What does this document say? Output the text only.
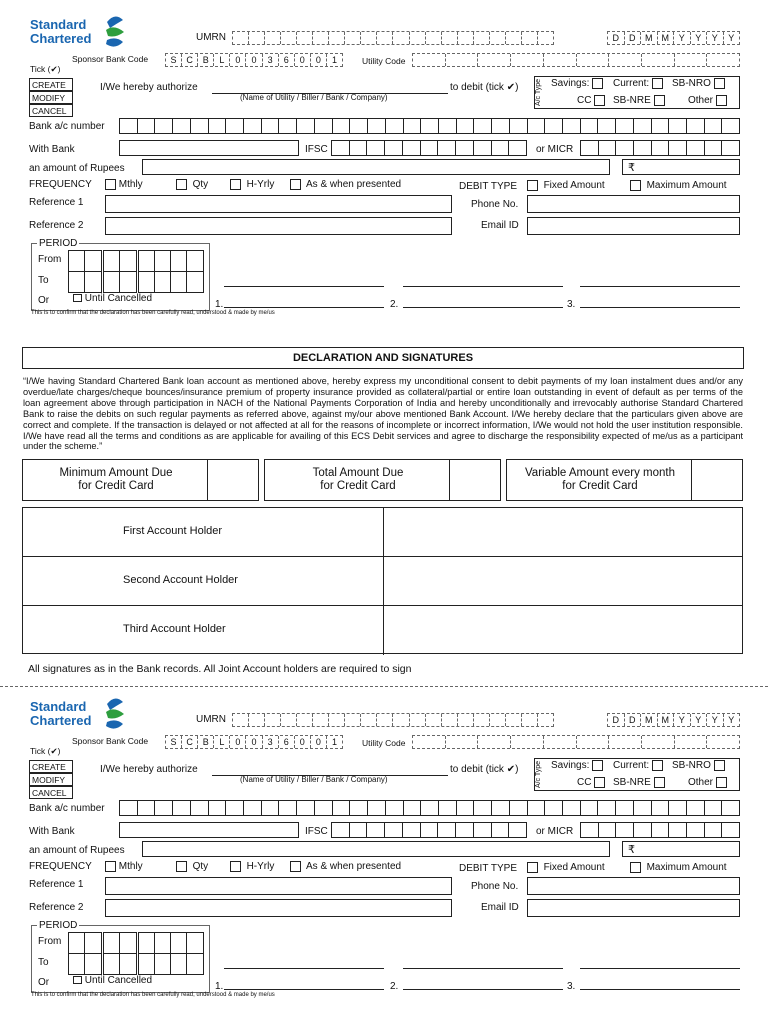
Standard
Chartered	UMRN	D	D	M	M	Y	Y	Y	Y
Sponsor Bank Code	S	C	B	L	0	0	3	6	0	0	1	Utility Code
Tick (✔)
CREATE
MODIFY
CANCEL
I/We hereby authorize
(Name of Utility / Biller / Bank / Company)
to debit (tick ✔) A/c Type Savings:	Current:	SB-NRO
CC	SB-NRE	Other
Bank a/c number
With Bank	IFSC	or MICR
an amount of Rupees	₹
FREQUENCY	Mthly	Qty	H-Yrly	As & when presented	DEBIT TYPE	Fixed Amount	Maximum Amount
Reference 1	Phone No.
Reference 2	Email ID
PERIOD
From
To
Or	Until Cancelled
1.	2.	3.
This is to confirm that the declaration has been carefully read, understood & made by me/us
DECLARATION AND SIGNATURES
“I/We having Standard Chartered Bank loan account as mentioned above, hereby express my unconditional consent to debit payments of my loan instalment dues and/or any overdue/late charges/cheque bounces/insurance premium of property insurance provided as collateral/partial or entire loan outstanding in event of default as per terms of the loan agreement above through participation in NACH of the National Payments Corporation of India and hereby unconditionally and irrevocably authorise Standard Chartered Bank to raise the debits on such regular payments as referred above, against my/our above mentioned Bank Account. I/We hereby declare that the particulars given above are correct and complete. If the transaction is delayed or not affected at all for the reasons of incomplete or incorrect information, I/We would not hold the user institution responsible. I/We have read all the terms and conditions as are applicable for availing of this ECS Debit services and agree to discharge the responsibility expected of me/us as a participant under the scheme.”
Minimum Amount Due
for Credit Card
Total Amount Due
for Credit Card
Variable Amount every month
for Credit Card
First Account Holder
Second Account Holder
Third Account Holder
All signatures as in the Bank records. All Joint Account holders are required to sign
Standard
Chartered	UMRN	D	D	M	M	Y	Y	Y	Y
Sponsor Bank Code	S	C	B	L	0	0	3	6	0	0	1	Utility Code
Tick (✔)
CREATE
MODIFY
CANCEL
I/We hereby authorize
(Name of Utility / Biller / Bank / Company)
to debit (tick ✔) A/c Type Savings:	Current:	SB-NRO
CC	SB-NRE	Other
Bank a/c number
With Bank	IFSC	or MICR
an amount of Rupees	₹
FREQUENCY	Mthly	Qty	H-Yrly	As & when presented	DEBIT TYPE	Fixed Amount	Maximum Amount
Reference 1	Phone No.
Reference 2	Email ID
PERIOD
From
To
Or	Until Cancelled
1.	2.	3.
This is to confirm that the declaration has been carefully read, understood & made by me/us
